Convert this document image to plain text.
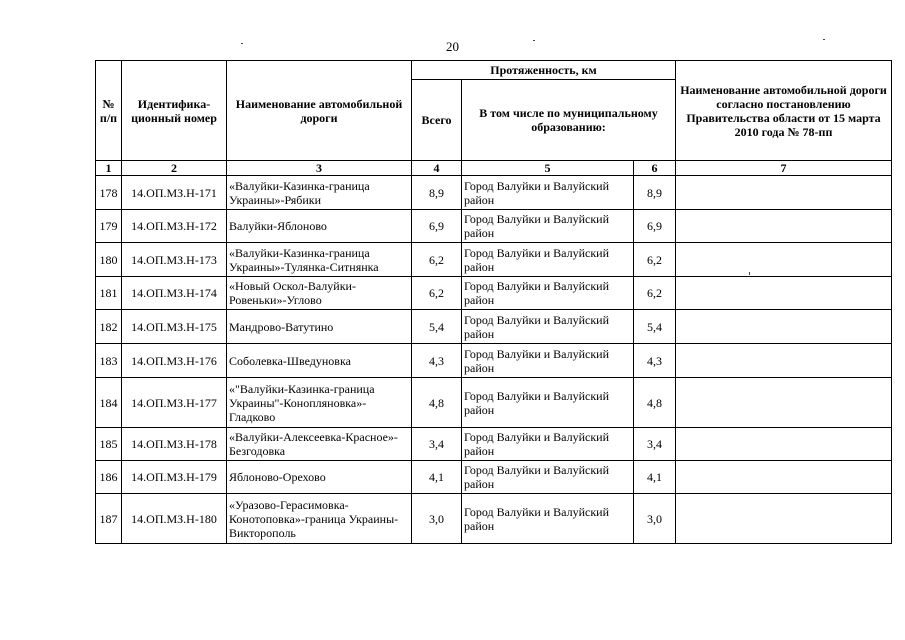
20
№ п/п	Идентифика-ционный номер	Наименование автомобильной дороги	Протяженность, км			Наименование автомобильной дороги согласно постановлению Правительства области от 15 марта 2010 года № 78-пп
			Всего	В том числе по муниципальному образованию:		
1	2	3	4	5	6	7
178	14.ОП.МЗ.Н-171	«Валуйки-Казинка-граница Украины»-Рябики	8,9	Город Валуйки и Валуйский район	8,9	
179	14.ОП.МЗ.Н-172	Валуйки-Яблоново	6,9	Город Валуйки и Валуйский район	6,9	
180	14.ОП.МЗ.Н-173	«Валуйки-Казинка-граница Украины»-Тулянка-Ситнянка	6,2	Город Валуйки и Валуйский район	6,2	
181	14.ОП.МЗ.Н-174	«Новый Оскол-Валуйки-Ровеньки»-Углово	6,2	Город Валуйки и Валуйский район	6,2	
182	14.ОП.МЗ.Н-175	Мандрово-Ватутино	5,4	Город Валуйки и Валуйский район	5,4	
183	14.ОП.МЗ.Н-176	Соболевка-Шведуновка	4,3	Город Валуйки и Валуйский район	4,3	
184	14.ОП.МЗ.Н-177	«"Валуйки-Казинка-граница Украины"-Конопляновка»-Гладково	4,8	Город Валуйки и Валуйский район	4,8	
185	14.ОП.МЗ.Н-178	«Валуйки-Алексеевка-Красное»-Безгодовка	3,4	Город Валуйки и Валуйский район	3,4	
186	14.ОП.МЗ.Н-179	Яблоново-Орехово	4,1	Город Валуйки и Валуйский район	4,1	
187	14.ОП.МЗ.Н-180	«Уразово-Герасимовка-Конотоповка»-граница Украины-Викторополь	3,0	Город Валуйки и Валуйский район	3,0	
